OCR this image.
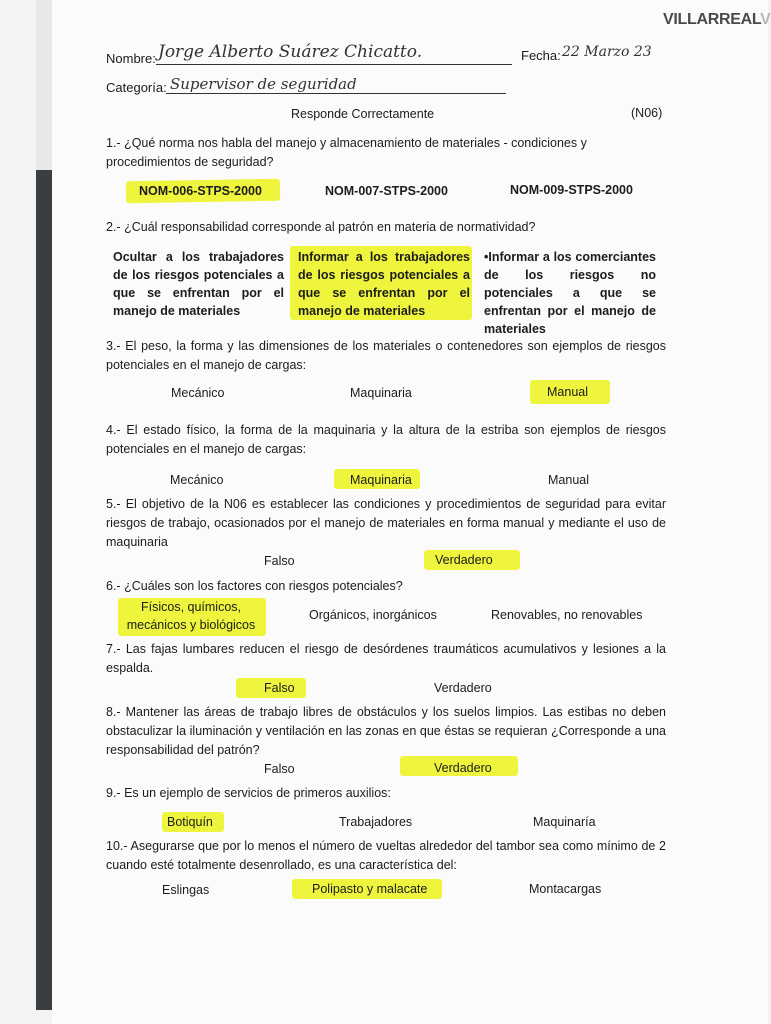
VILLARREALV
Nombre: Jorge Alberto Suárez Chicatto.	Fecha: 22 Marzo 23
Categoría: Supervisor de seguridad
Responde Correctamente	(N06)
1.- ¿Qué norma nos habla del manejo y almacenamiento de materiales - condiciones y procedimientos de seguridad?
NOM-006-STPS-2000	NOM-007-STPS-2000	NOM-009-STPS-2000
2.- ¿Cuál responsabilidad corresponde al patrón en materia de normatividad?
Ocultar a los trabajadores de los riesgos potenciales a que se enfrentan por el manejo de materiales
Informar a los trabajadores de los riesgos potenciales a que se enfrentan por el manejo de materiales
•Informar a los comerciantes de los riesgos no potenciales a que se enfrentan por el manejo de materiales
3.- El peso, la forma y las dimensiones de los materiales o contenedores son ejemplos de riesgos potenciales en el manejo de cargas:
Mecánico	Maquinaria	Manual
4.- El estado físico, la forma de la maquinaria y la altura de la estriba son ejemplos de riesgos potenciales en el manejo de cargas:
Mecánico	Maquinaria	Manual
5.- El objetivo de la N06 es establecer las condiciones y procedimientos de seguridad para evitar riesgos de trabajo, ocasionados por el manejo de materiales en forma manual y mediante el uso de maquinaria
Falso	Verdadero
6.- ¿Cuáles son los factores con riesgos potenciales?
Físicos, químicos, mecánicos y biológicos
Orgánicos, inorgánicos	Renovables, no renovables
7.- Las fajas lumbares reducen el riesgo de desórdenes traumáticos acumulativos y lesiones a la espalda.
Falso	Verdadero
8.- Mantener las áreas de trabajo libres de obstáculos y los suelos limpios. Las estibas no deben obstaculizar la iluminación y ventilación en las zonas en que éstas se requieran ¿Corresponde a una responsabilidad del patrón?
Falso	Verdadero
9.- Es un ejemplo de servicios de primeros auxilios:
Botiquín	Trabajadores	Maquinaría
10.- Asegurarse que por lo menos el número de vueltas alrededor del tambor sea como mínimo de 2 cuando esté totalmente desenrollado, es una característica del:
Eslingas	Polipasto y malacate	Montacargas
